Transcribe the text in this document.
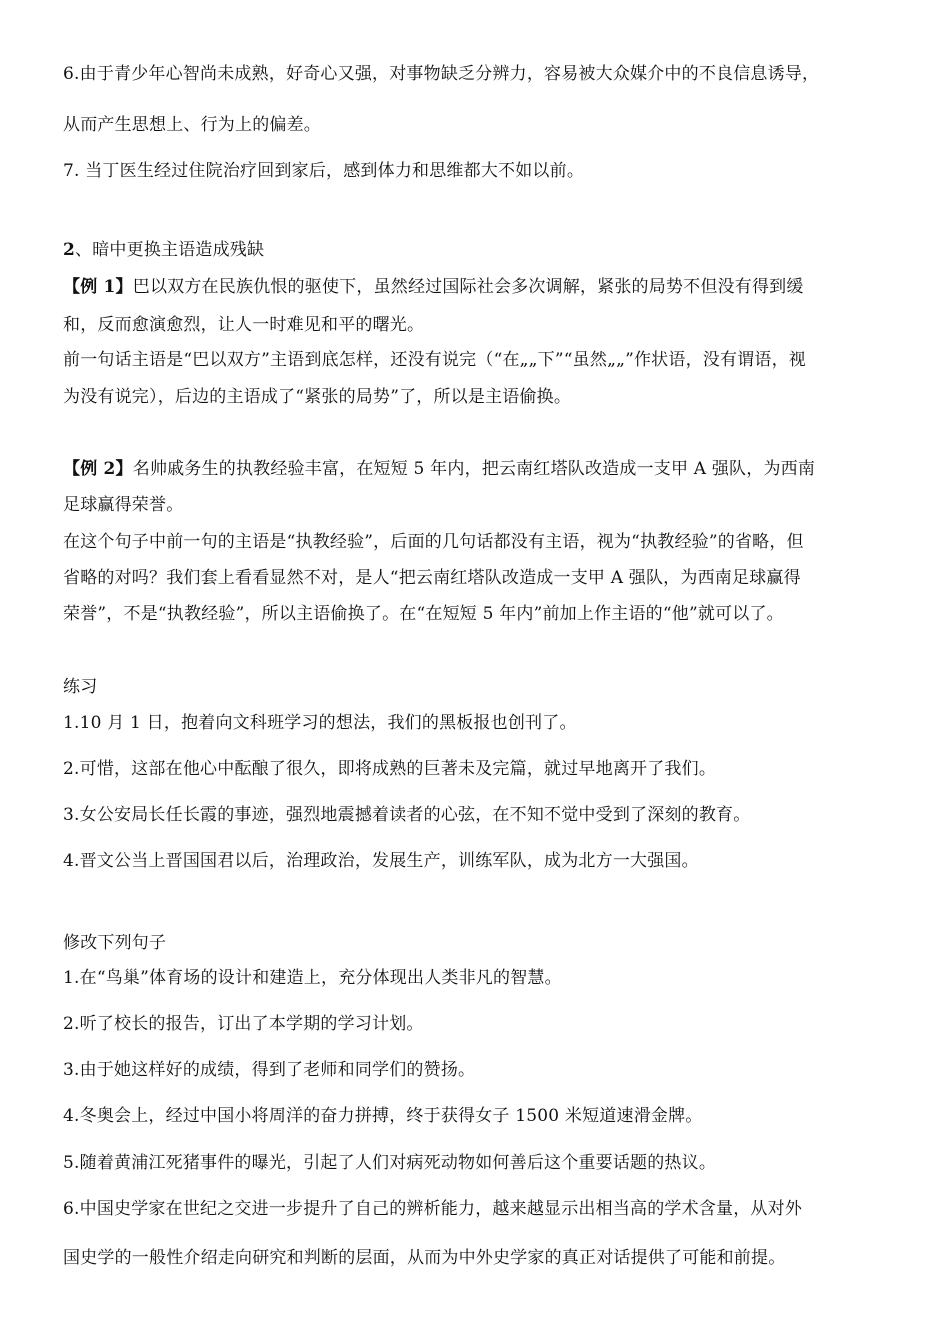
6.由于青少年心智尚未成熟，好奇心又强，对事物缺乏分辨力，容易被大众媒介中的不良信息诱导，
从而产生思想上、行为上的偏差。
7. 当丁医生经过住院治疗回到家后，感到体力和思维都大不如以前。
2、暗中更换主语造成残缺
【例 1】巴以双方在民族仇恨的驱使下，虽然经过国际社会多次调解，紧张的局势不但没有得到缓
和，反而愈演愈烈，让人一时难见和平的曙光。
前一句话主语是“巴以双方”主语到底怎样，还没有说完（“在„„下”“虽然„„”作状语，没有谓语，视
为没有说完），后边的主语成了“紧张的局势”了，所以是主语偷换。
【例 2】名帅戚务生的执教经验丰富，在短短 5 年内，把云南红塔队改造成一支甲 A 强队，为西南
足球赢得荣誉。
在这个句子中前一句的主语是“执教经验”，后面的几句话都没有主语，视为“执教经验”的省略，但
省略的对吗？我们套上看看显然不对，是人“把云南红塔队改造成一支甲 A 强队，为西南足球赢得
荣誉”，不是“执教经验”，所以主语偷换了。在“在短短 5 年内”前加上作主语的“他”就可以了。
练习
1.10 月 1 日，抱着向文科班学习的想法，我们的黑板报也创刊了。
2.可惜，这部在他心中酝酿了很久，即将成熟的巨著未及完篇，就过早地离开了我们。
3.女公安局长任长霞的事迹，强烈地震撼着读者的心弦，在不知不觉中受到了深刻的教育。
4.晋文公当上晋国国君以后，治理政治，发展生产，训练军队，成为北方一大强国。
修改下列句子
1.在“鸟巢”体育场的设计和建造上，充分体现出人类非凡的智慧。
2.听了校长的报告，订出了本学期的学习计划。
3.由于她这样好的成绩，得到了老师和同学们的赞扬。
4.冬奥会上，经过中国小将周洋的奋力拼搏，终于获得女子 1500 米短道速滑金牌。
5.随着黄浦江死猪事件的曝光，引起了人们对病死动物如何善后这个重要话题的热议。
6.中国史学家在世纪之交进一步提升了自己的辨析能力，越来越显示出相当高的学术含量，从对外
国史学的一般性介绍走向研究和判断的层面，从而为中外史学家的真正对话提供了可能和前提。
